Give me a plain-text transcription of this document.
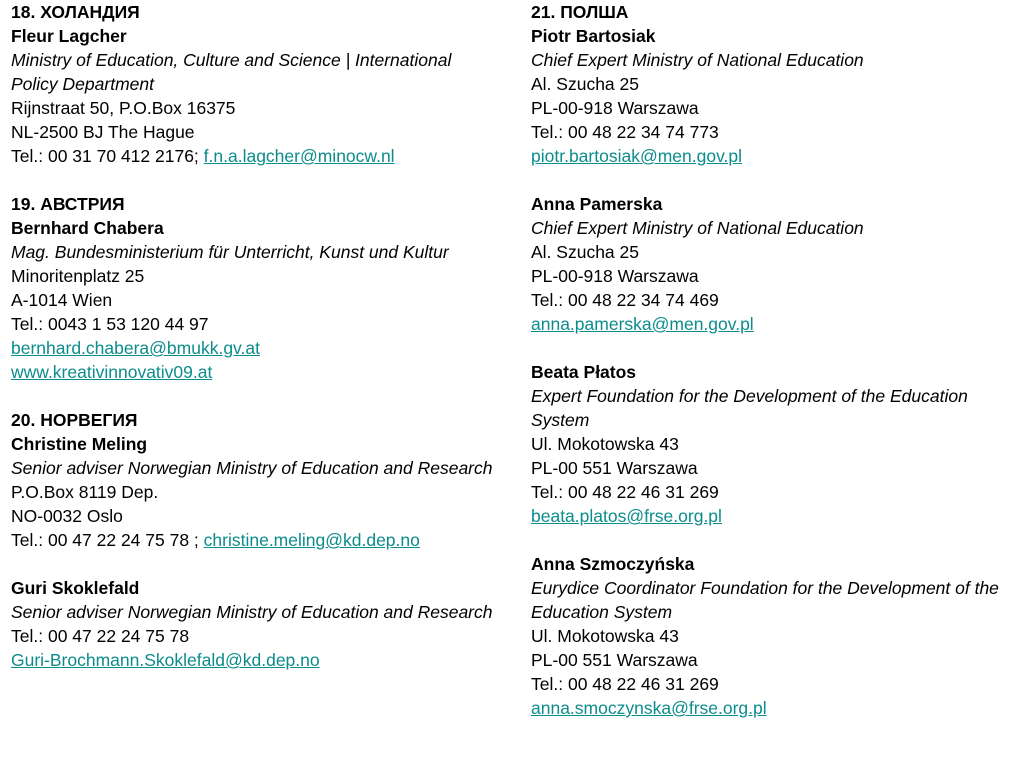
18. ХОЛАНДИЯ
Fleur Lagcher
Ministry of Education, Culture and Science | International Policy Department
Rijnstraat 50, P.O.Box 16375
NL-2500 BJ The Hague
Tel.: 00 31 70 412 2176; f.n.a.lagcher@minocw.nl
19. АВСТРИЯ
Bernhard Chabera
Mag. Bundesministerium für Unterricht, Kunst und Kultur
Minoritenplatz 25
A-1014 Wien
Tel.: 0043 1 53 120 44 97
bernhard.chabera@bmukk.gv.at
www.kreativinnovativ09.at
20. НОРВЕГИЯ
Christine Meling
Senior adviser Norwegian Ministry of Education and Research
P.O.Box 8119 Dep.
NO-0032 Oslo
Tel.: 00 47 22 24 75 78 ; christine.meling@kd.dep.no
Guri Skoklefald
Senior adviser Norwegian Ministry of Education and Research
Tel.: 00 47 22 24 75 78
Guri-Brochmann.Skoklefald@kd.dep.no
21. ПОЛША
Piotr Bartosiak
Chief Expert Ministry of National Education
Al. Szucha 25
PL-00-918 Warszawa
Tel.: 00 48 22 34 74 773
piotr.bartosiak@men.gov.pl
Anna Pamerska
Chief Expert Ministry of National Education
Al. Szucha 25
PL-00-918 Warszawa
Tel.: 00 48 22 34 74 469
anna.pamerska@men.gov.pl
Beata Płatos
Expert Foundation for the Development of the Education System
Ul. Mokotowska 43
PL-00 551 Warszawa
Tel.: 00 48 22 46 31 269
beata.platos@frse.org.pl
Anna Szmoczyńska
Eurydice Coordinator Foundation for the Development of the Education System
Ul. Mokotowska 43
PL-00 551 Warszawa
Tel.: 00 48 22 46 31 269
anna.smoczynska@frse.org.pl
